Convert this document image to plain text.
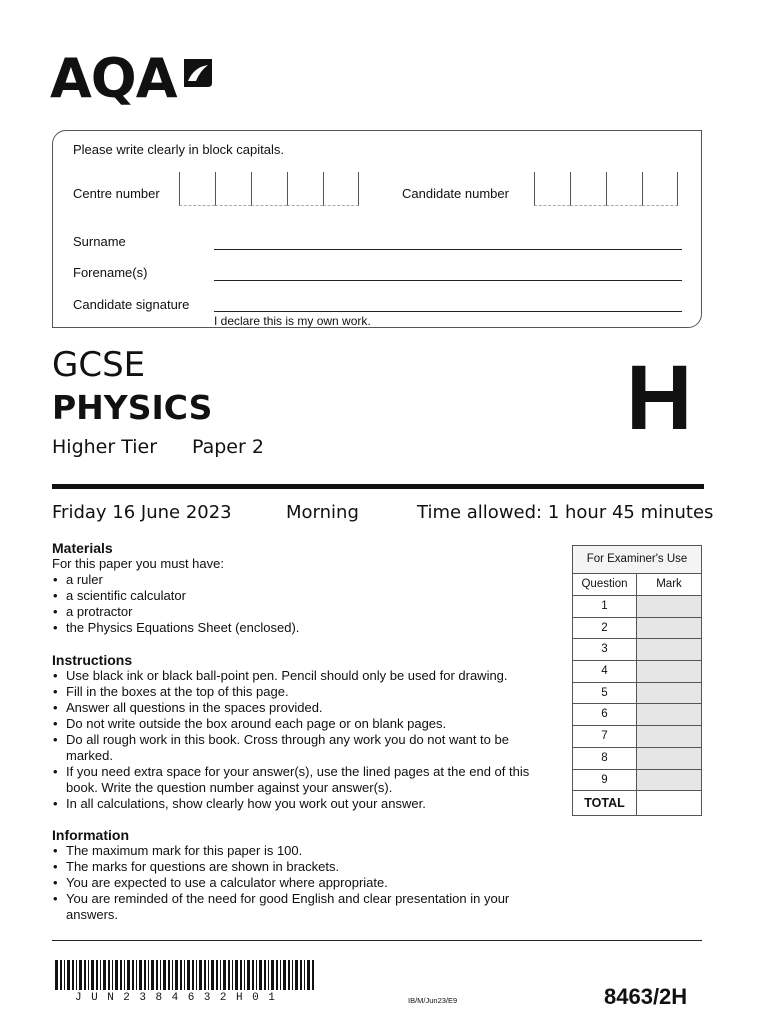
AQA
Please write clearly in block capitals.
Centre number	Candidate number
Surname
Forename(s)
Candidate signature
I declare this is my own work.
GCSE
PHYSICS
Higher Tier Paper 2	H
Friday 16 June 2023	Morning	Time allowed: 1 hour 45 minutes
Materials
For this paper you must have:
• a ruler
• a scientific calculator
• a protractor
• the Physics Equations Sheet (enclosed).
Instructions
• Use black ink or black ball-point pen. Pencil should only be used for drawing.
• Fill in the boxes at the top of this page.
• Answer all questions in the spaces provided.
• Do not write outside the box around each page or on blank pages.
• Do all rough work in this book. Cross through any work you do not want to be marked.
• If you need extra space for your answer(s), use the lined pages at the end of this book. Write the question number against your answer(s).
• In all calculations, show clearly how you work out your answer.
Information
• The maximum mark for this paper is 100.
• The marks for questions are shown in brackets.
• You are expected to use a calculator where appropriate.
• You are reminded of the need for good English and clear presentation in your answers.
For Examiner's Use
Question	Mark
1
2
3
4
5
6
7
8
9
TOTAL
JUN2384632H01	IB/M/Jun23/E9	8463/2H
